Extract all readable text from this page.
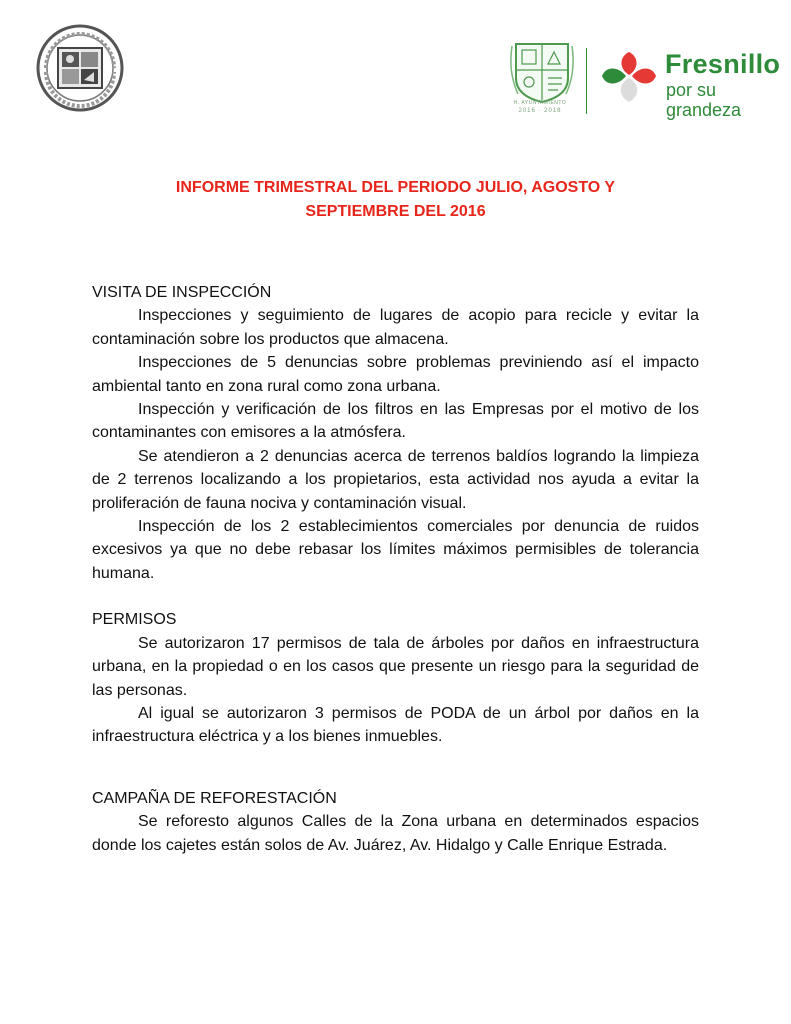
H. AYUNTAMIENTO
2016 · 2018
Fresnillo
por su grandeza
INFORME TRIMESTRAL DEL PERIODO JULIO, AGOSTO Y
SEPTIEMBRE DEL 2016
VISITA DE INSPECCIÓN

Inspecciones y seguimiento de lugares de acopio para recicle y evitar la contaminación sobre los productos que almacena.

Inspecciones de 5 denuncias sobre problemas previniendo así el impacto ambiental tanto en zona rural como zona urbana.

Inspección y verificación de los filtros en las Empresas por el motivo de los contaminantes con emisores a la atmósfera.

Se atendieron a 2 denuncias acerca de terrenos baldíos logrando la limpieza de 2 terrenos localizando a los propietarios, esta actividad nos ayuda a evitar la proliferación de fauna nociva y contaminación visual.

Inspección de los 2 establecimientos comerciales por denuncia de ruidos excesivos ya que no debe rebasar los límites máximos permisibles de tolerancia humana.

PERMISOS

Se autorizaron 17 permisos de tala de árboles por daños en infraestructura urbana, en la propiedad o en los casos que presente un riesgo para la seguridad de las personas.

Al igual se autorizaron 3 permisos de PODA de un árbol por daños en la infraestructura eléctrica y a los bienes inmuebles.

CAMPAÑA DE REFORESTACIÓN

Se reforesto algunos Calles de la Zona urbana en determinados espacios donde los cajetes están solos de Av. Juárez, Av. Hidalgo y Calle Enrique Estrada.
